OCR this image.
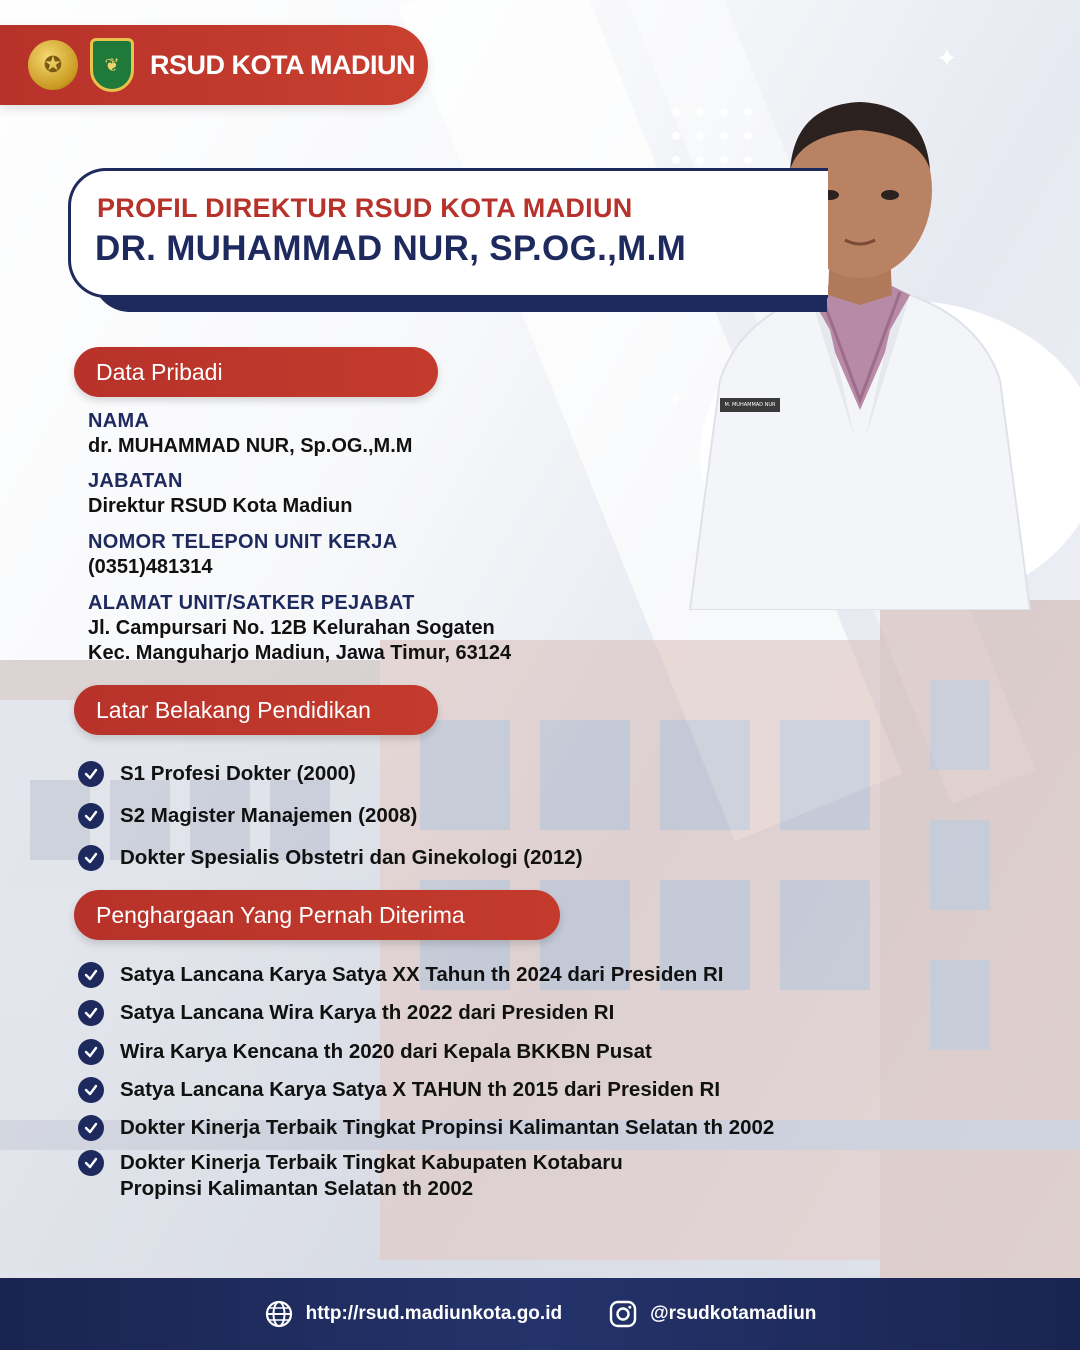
✦
✦
✪	❦	RSUD KOTA MADIUN
M. MUHAMMAD NUR
PROFIL DIREKTUR RSUD KOTA MADIUN
DR. MUHAMMAD NUR, SP.OG.,M.M
Data Pribadi
NAMA
dr. MUHAMMAD NUR, Sp.OG.,M.M
JABATAN
Direktur RSUD Kota Madiun
NOMOR TELEPON UNIT KERJA
(0351)481314
ALAMAT UNIT/SATKER PEJABAT
Jl. Campursari No. 12B Kelurahan Sogaten
Kec. Manguharjo Madiun, Jawa Timur, 63124
Latar Belakang Pendidikan
S1 Profesi Dokter (2000)
S2 Magister Manajemen (2008)
Dokter Spesialis Obstetri dan Ginekologi (2012)
Penghargaan Yang Pernah Diterima
Satya Lancana Karya Satya XX Tahun th 2024 dari Presiden RI
Satya Lancana Wira Karya th 2022 dari Presiden RI
Wira Karya Kencana th 2020 dari Kepala BKKBN Pusat
Satya Lancana Karya Satya X TAHUN th 2015 dari Presiden RI
Dokter Kinerja Terbaik Tingkat Propinsi Kalimantan Selatan th 2002
Dokter Kinerja Terbaik Tingkat Kabupaten Kotabaru
Propinsi Kalimantan Selatan th 2002
http://rsud.madiunkota.go.id	@rsudkotamadiun
